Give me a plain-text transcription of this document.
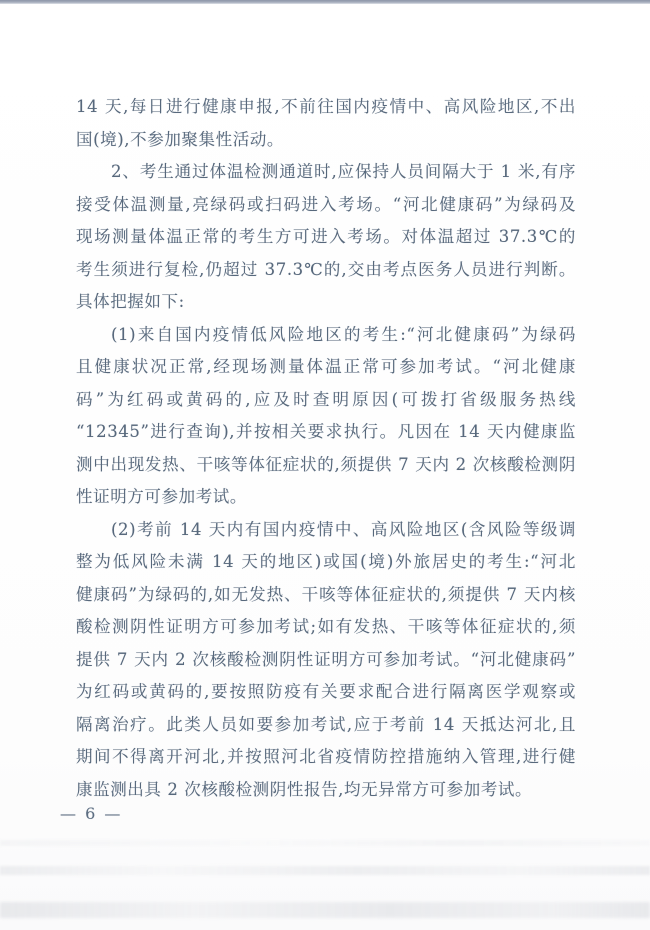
14 天,每日进行健康申报,不前往国内疫情中、高风险地区,不出
国(境),不参加聚集性活动。
2、考生通过体温检测通道时,应保持人员间隔大于 1 米,有序
接受体温测量,亮绿码或扫码进入考场。“河北健康码”为绿码及
现场测量体温正常的考生方可进入考场。对体温超过 37.3℃的
考生须进行复检,仍超过 37.3℃的,交由考点医务人员进行判断。
具体把握如下:
(1)来自国内疫情低风险地区的考生:“河北健康码”为绿码
且健康状况正常,经现场测量体温正常可参加考试。“河北健康
码”为红码或黄码的,应及时查明原因(可拨打省级服务热线
“12345”进行查询),并按相关要求执行。凡因在 14 天内健康监
测中出现发热、干咳等体征症状的,须提供 7 天内 2 次核酸检测阴
性证明方可参加考试。
(2)考前 14 天内有国内疫情中、高风险地区(含风险等级调
整为低风险未满 14 天的地区)或国(境)外旅居史的考生:“河北
健康码”为绿码的,如无发热、干咳等体征症状的,须提供 7 天内核
酸检测阴性证明方可参加考试;如有发热、干咳等体征症状的,须
提供 7 天内 2 次核酸检测阴性证明方可参加考试。“河北健康码”
为红码或黄码的,要按照防疫有关要求配合进行隔离医学观察或
隔离治疗。此类人员如要参加考试,应于考前 14 天抵达河北,且
期间不得离开河北,并按照河北省疫情防控措施纳入管理,进行健
康监测出具 2 次核酸检测阴性报告,均无异常方可参加考试。
— 6 —
